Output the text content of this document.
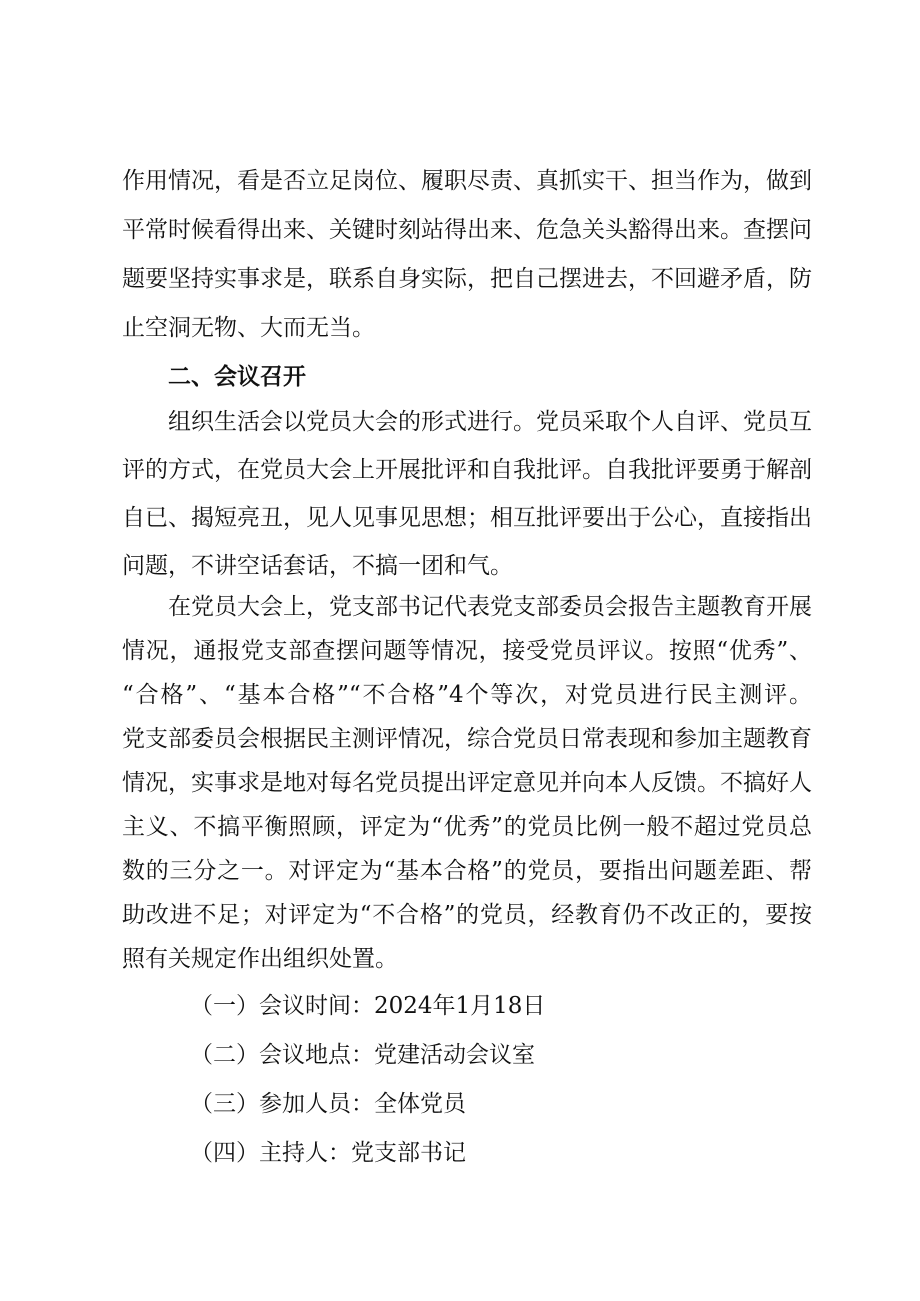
作用情况，看是否立足岗位、履职尽责、真抓实干、担当作为，做到
平常时候看得出来、关键时刻站得出来、危急关头豁得出来。查摆问
题要坚持实事求是，联系自身实际，把自己摆进去，不回避矛盾，防
止空洞无物、大而无当。
二、会议召开
组织生活会以党员大会的形式进行。党员采取个人自评、党员互
评的方式，在党员大会上开展批评和自我批评。自我批评要勇于解剖
自已、揭短亮丑，见人见事见思想；相互批评要出于公心，直接指出
问题，不讲空话套话，不搞一团和气。
在党员大会上，党支部书记代表党支部委员会报告主题教育开展
情况，通报党支部查摆问题等情况，接受党员评议。按照“优秀”、
“合格”、“基本合格”“不合格”4个等次，对党员进行民主测评。
党支部委员会根据民主测评情况，综合党员日常表现和参加主题教育
情况，实事求是地对每名党员提出评定意见并向本人反馈。不搞好人
主义、不搞平衡照顾，评定为“优秀”的党员比例一般不超过党员总
数的三分之一。对评定为“基本合格”的党员，要指出问题差距、帮
助改进不足；对评定为“不合格”的党员，经教育仍不改正的，要按
照有关规定作出组织处置。
（一）会议时间：2024年1月18日
（二）会议地点：党建活动会议室
（三）参加人员：全体党员
（四）主持人：党支部书记
